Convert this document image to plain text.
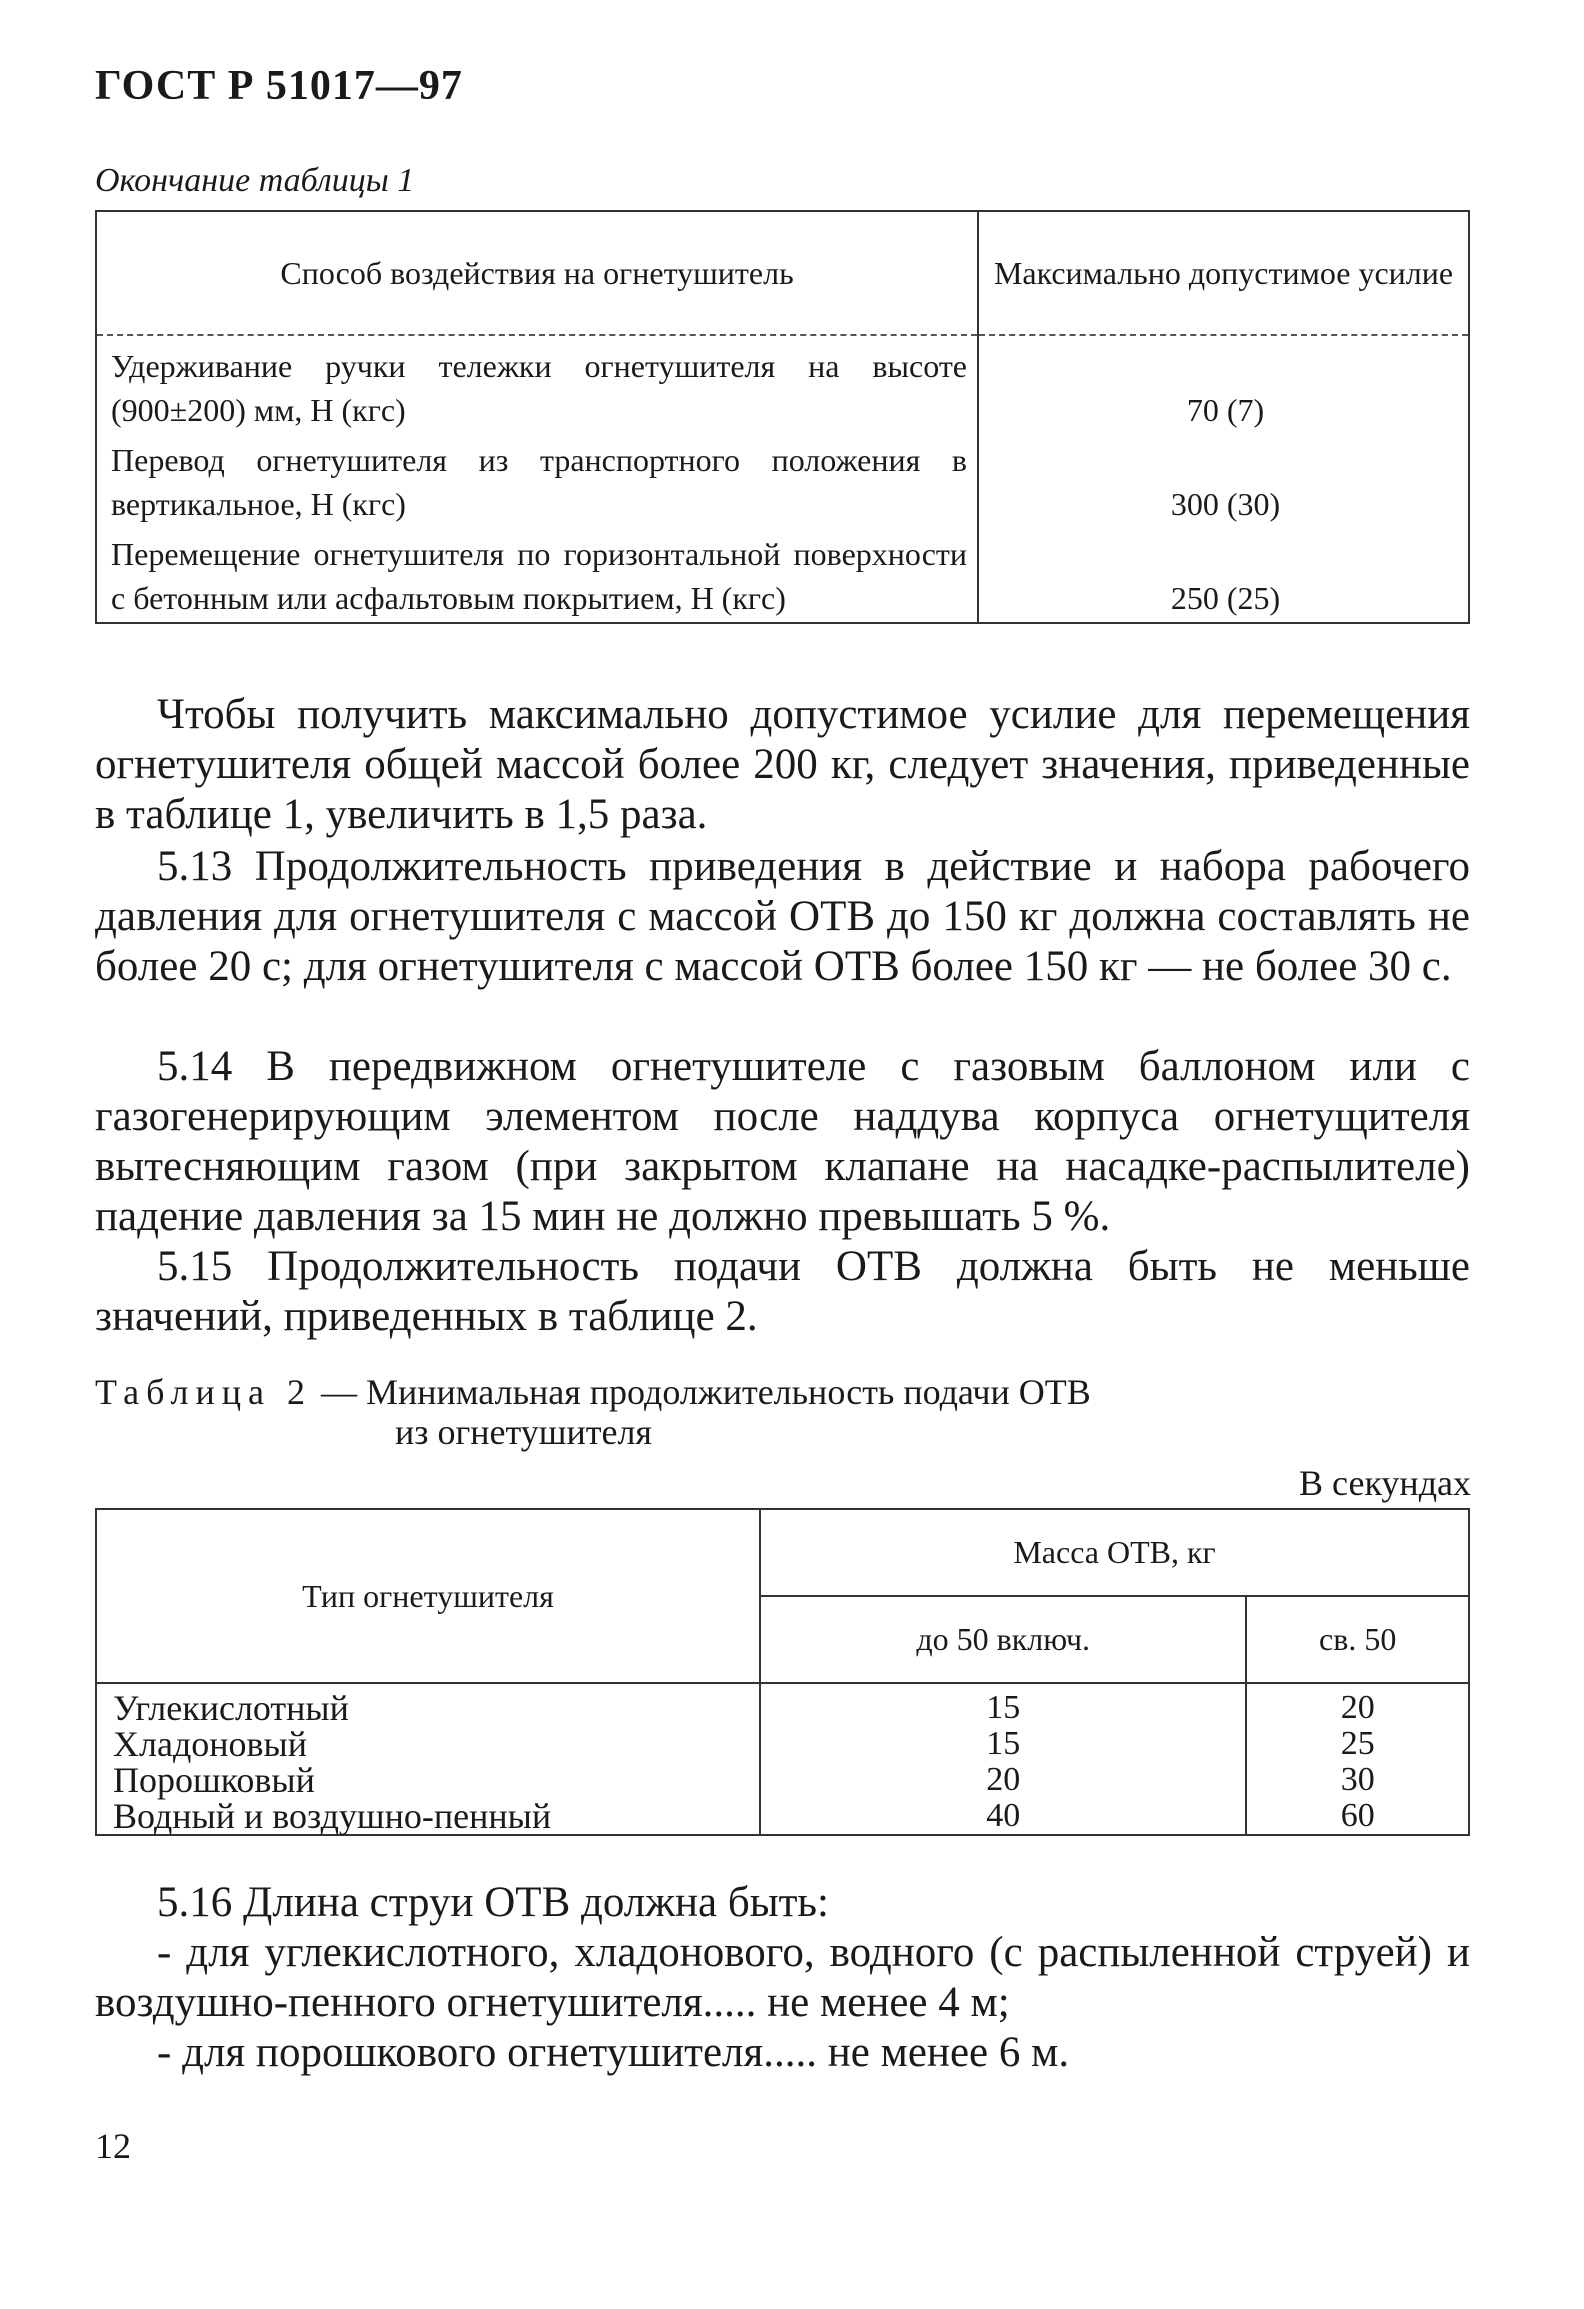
ГОСТ Р 51017—97
Окончание таблицы 1
Способ воздействия на огнетушитель	Максимально допустимое усилие
Удерживание ручки тележки огнетушителя на высоте (900±200) мм, Н (кгс)	70 (7)
Перевод огнетушителя из транспортного положения в вертикальное, Н (кгс)	300 (30)
Перемещение огнетушителя по горизонтальной поверхности с бетонным или асфальтовым покрытием, Н (кгс)	250 (25)

Чтобы получить максимально допустимое усилие для перемещения огнетушителя общей массой более 200 кг, следует значения, приведенные в таблице 1, увеличить в 1,5 раза.

5.13 Продолжительность приведения в действие и набора рабочего давления для огнетушителя с массой ОТВ до 150 кг должна составлять не более 20 с; для огнетушителя с массой ОТВ более 150 кг — не более 30 с.

5.14 В передвижном огнетушителе с газовым баллоном или с газогенерирующим элементом после наддува корпуса огнетущителя вытесняющим газом (при закрытом клапане на насадке-распылителе) падение давления за 15 мин не должно превышать 5 %.

5.15 Продолжительность подачи ОТВ должна быть не меньше значений, приведенных в таблице 2.

Таблица 2 — Минимальная продолжительность подачи ОТВ
из огнетушителя
В секундах
Тип огнетушителя	Масса ОТВ, кг	
	до 50 включ.	св. 50
Углекислотный	15	20
Хладоновый	15	25
Порошковый	20	30
Водный и воздушно-пенный	40	60

5.16 Длина струи ОТВ должна быть:

- для углекислотного, хладонового, водного (с распыленной струей) и воздушно-пенного огнетушителя..... не менее 4 м;

- для порошкового огнетушителя..... не менее 6 м.

12
